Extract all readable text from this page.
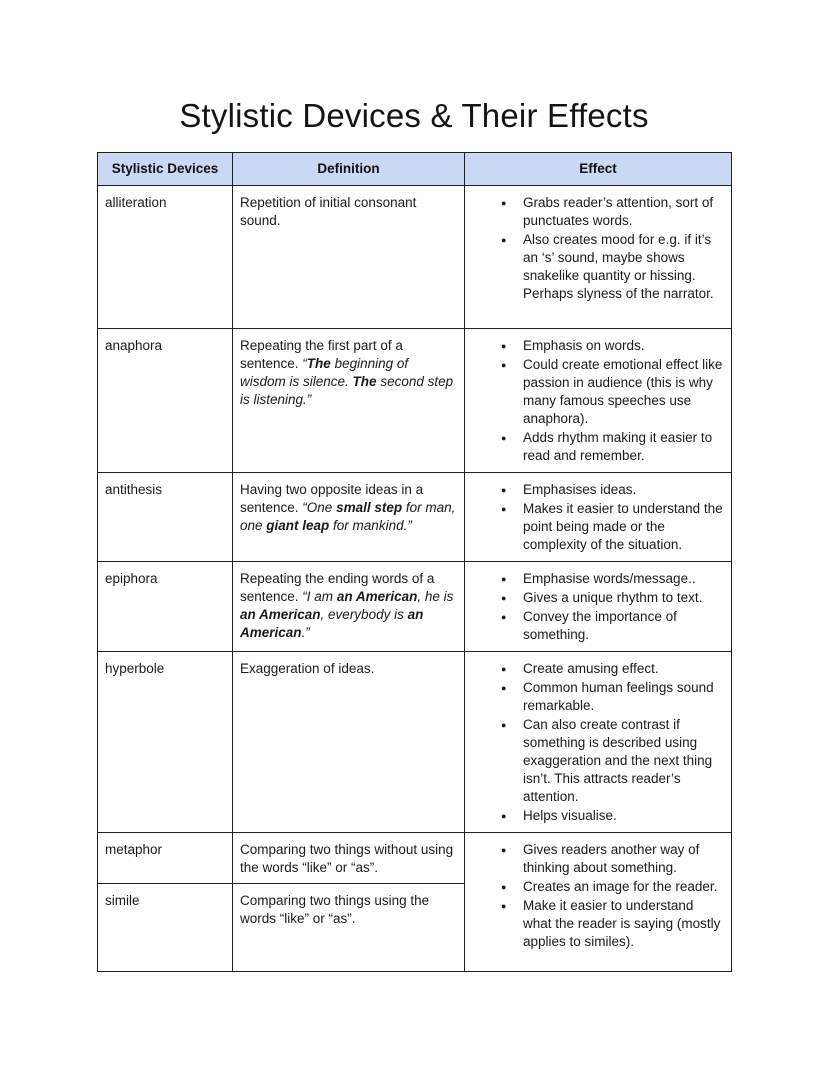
Stylistic Devices & Their Effects
Stylistic Devices	Definition	Effect
alliteration	Repetition of initial consonant sound.	
● Grabs reader’s attention, sort of punctuates words.
● Also creates mood for e.g. if it’s an ‘s’ sound, maybe shows snakelike quantity or hissing. Perhaps slyness of the narrator.

anaphora	Repeating the first part of a sentence. “The beginning of wisdom is silence. The second step is listening.”	
● Emphasis on words.
● Could create emotional effect like passion in audience (this is why many famous speeches use anaphora).
● Adds rhythm making it easier to read and remember.

antithesis	Having two opposite ideas in a sentence. “One small step for man, one giant leap for mankind.”	
● Emphasises ideas.
● Makes it easier to understand the point being made or the complexity of the situation.

epiphora	Repeating the ending words of a sentence. “I am an American, he is an American, everybody is an American.”	
● Emphasise words/message..
● Gives a unique rhythm to text.
● Convey the importance of something.

hyperbole	Exaggeration of ideas.	
●Create amusing effect.
● Common human feelings sound remarkable.
● Can also create contrast if something is described using exaggeration and the next thing isn’t. This attracts reader’s attention.
● Helps visualise.

metaphor	Comparing two things without using the words “like” or “as”.	
● Gives readers another way of thinking about something.
● Creates an image for the reader.
● Make it easier to understand what the reader is saying (mostly applies to similes).

simile	Comparing two things using the words “like” or “as”.	
